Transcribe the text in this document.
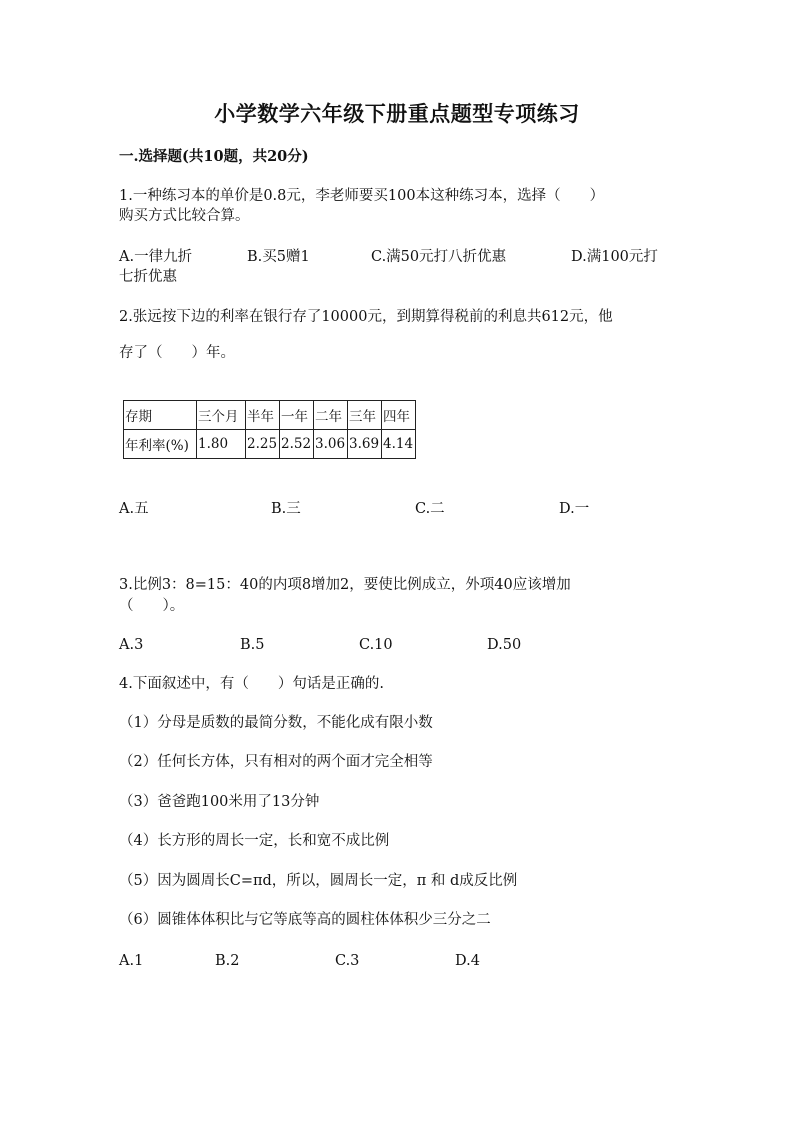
小学数学六年级下册重点题型专项练习
一.选择题(共10题，共20分)
1.一种练习本的单价是0.8元，李老师要买100本这种练习本，选择（　　）
购买方式比较合算。
A.一律九折	B.买5赠1	C.满50元打八折优惠	D.满100元打
七折优惠
2.张远按下边的利率在银行存了10000元，到期算得税前的利息共612元，他
存了（　　）年。
存期	三个月	半年	一年	二年	三年	四年
年利率(%)	1.80	2.25	2.52	3.06	3.69	4.14
A.五	B.三	C.二	D.一
3.比例3：8=15：40的内项8增加2，要使比例成立，外项40应该增加
（　　）。
A.3	B.5	C.10	D.50
4.下面叙述中，有（　　）句话是正确的.
（1）分母是质数的最简分数，不能化成有限小数
（2）任何长方体，只有相对的两个面才完全相等
（3）爸爸跑100米用了13分钟
（4）长方形的周长一定，长和宽不成比例
（5）因为圆周长C=πd，所以，圆周长一定，π 和 d成反比例
（6）圆锥体体积比与它等底等高的圆柱体体积少三分之二
A.1	B.2	C.3	D.4
